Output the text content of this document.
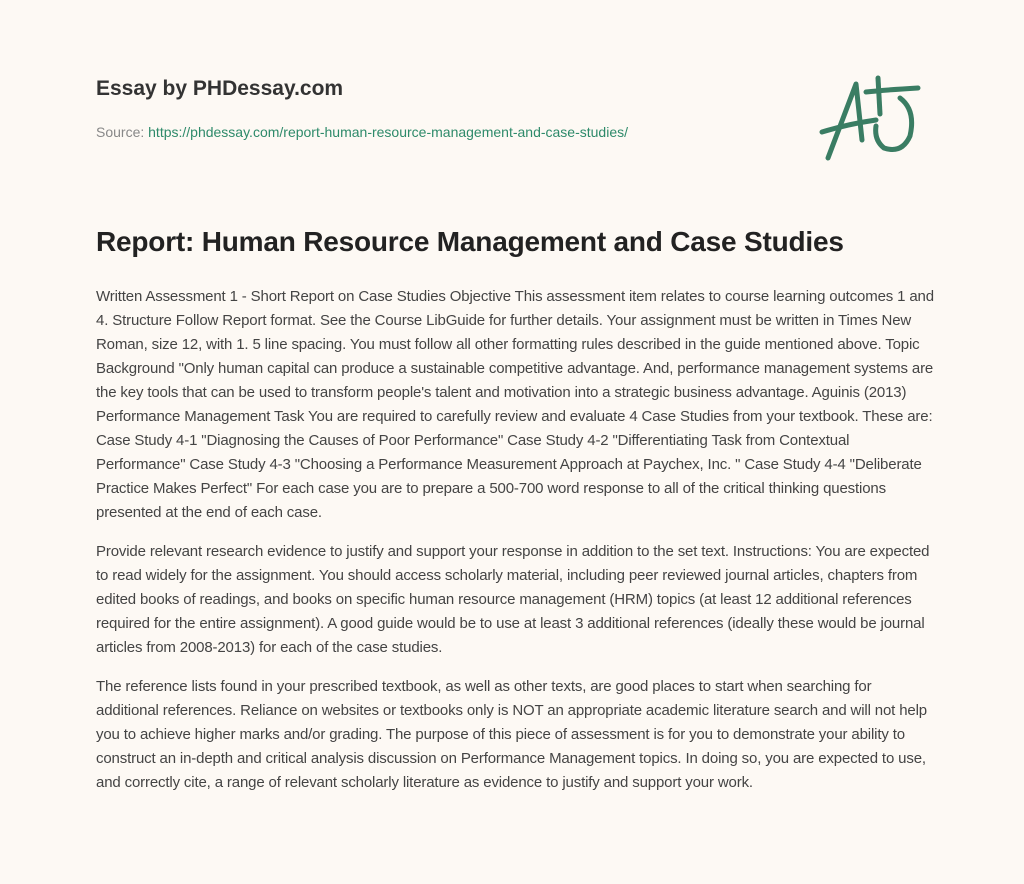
Essay by PHDessay.com
Source: https://phdessay.com/report-human-resource-management-and-case-studies/
Report: Human Resource Management and Case Studies

Written Assessment 1 - Short Report on Case Studies Objective This assessment item relates to course learning outcomes 1 and 4. Structure Follow Report format. See the Course LibGuide for further details. Your assignment must be written in Times New Roman, size 12, with 1. 5 line spacing. You must follow all other formatting rules described in the guide mentioned above. Topic Background "Only human capital can produce a sustainable competitive advantage. And, performance management systems are the key tools that can be used to transform people's talent and motivation into a strategic business advantage. Aguinis (2013) Performance Management Task You are required to carefully review and evaluate 4 Case Studies from your textbook. These are: Case Study 4-1 "Diagnosing the Causes of Poor Performance" Case Study 4-2 "Differentiating Task from Contextual Performance" Case Study 4-3 "Choosing a Performance Measurement Approach at Paychex, Inc. " Case Study 4-4 "Deliberate Practice Makes Perfect" For each case you are to prepare a 500-700 word response to all of the critical thinking questions presented at the end of each case.

Provide relevant research evidence to justify and support your response in addition to the set text. Instructions: You are expected to read widely for the assignment. You should access scholarly material, including peer reviewed journal articles, chapters from edited books of readings, and books on specific human resource management (HRM) topics (at least 12 additional references required for the entire assignment). A good guide would be to use at least 3 additional references (ideally these would be journal articles from 2008-2013) for each of the case studies.

The reference lists found in your prescribed textbook, as well as other texts, are good places to start when searching for additional references. Reliance on websites or textbooks only is NOT an appropriate academic literature search and will not help you to achieve higher marks and/or grading. The purpose of this piece of assessment is for you to demonstrate your ability to construct an in-depth and critical analysis discussion on Performance Management topics. In doing so, you are expected to use, and correctly cite, a range of relevant scholarly literature as evidence to justify and support your work.
